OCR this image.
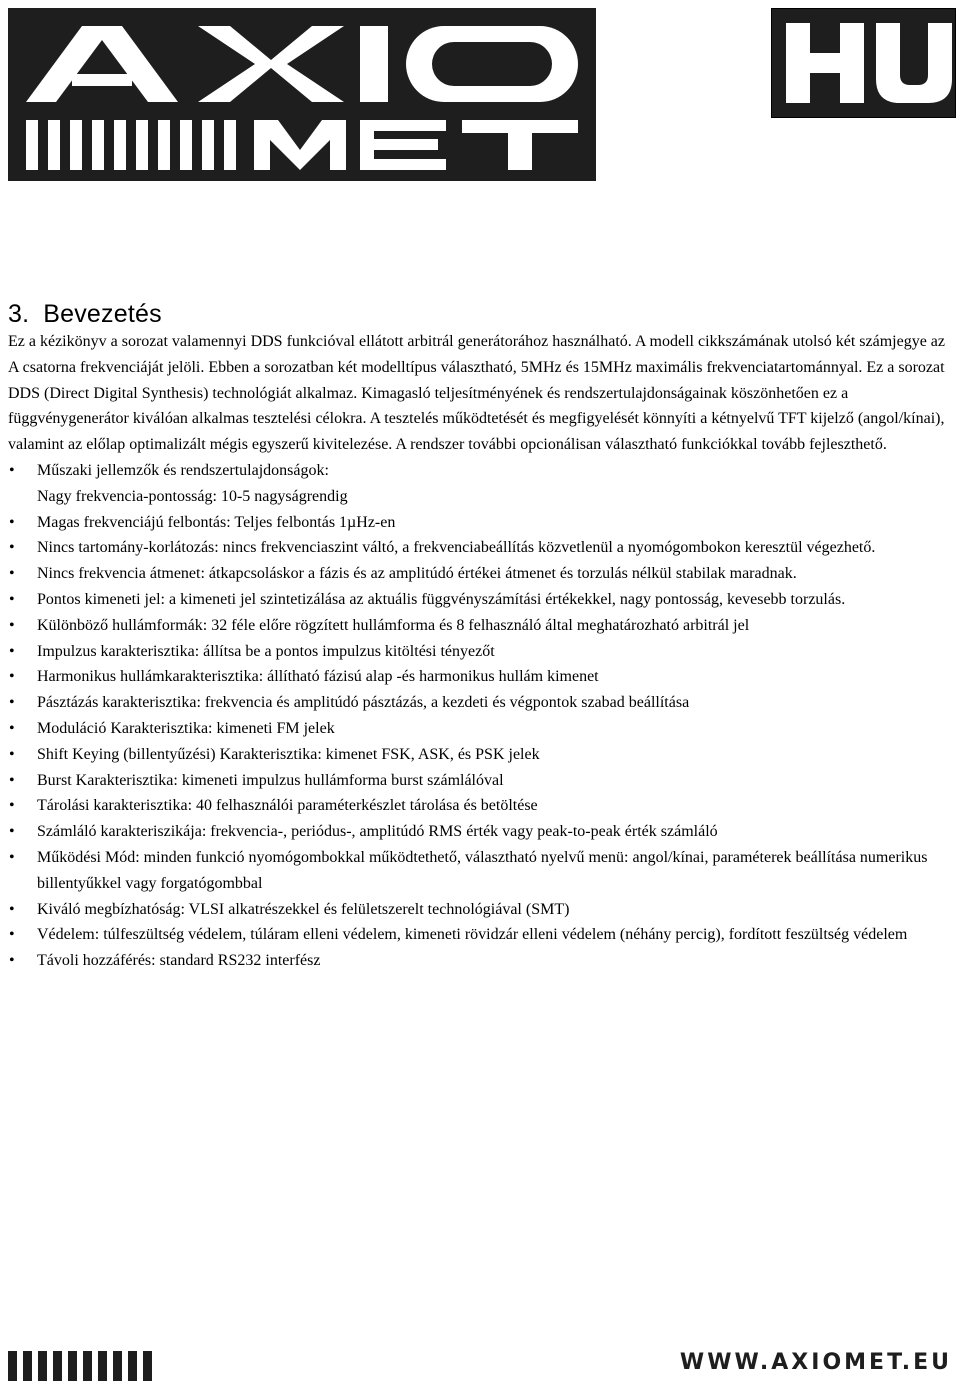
3. Bevezetés

Ez a kézikönyv a sorozat valamennyi DDS funkcióval ellátott arbitrál generátorához használható. A modell cikkszámának utolsó két számjegye az A csatorna frekvenciáját jelöli. Ebben a sorozatban két modelltípus választható, 5MHz és 15MHz maximális frekvenciatartománnyal. Ez a sorozat DDS (Direct Digital Synthesis) technológiát alkalmaz. Kimagasló teljesítményének és rendszertulajdonságainak köszönhetően ez a függvénygenerátor kiválóan alkalmas tesztelési célokra. A tesztelés működtetését és megfigyelését könnyíti a kétnyelvű TFT kijelző (angol/kínai), valamint az előlap optimalizált mégis egyszerű kivitelezése. A rendszer további opcionálisan választható funkciókkal tovább fejleszthető.

• Műszaki jellemzők és rendszertulajdonságok:
Nagy frekvencia-pontosság: 10-5 nagyságrendig
• Magas frekvenciájú felbontás: Teljes felbontás 1µHz-en
• Nincs tartomány-korlátozás: nincs frekvenciaszint váltó, a frekvenciabeállítás közvetlenül a nyomógombokon keresztül végezhető.
• Nincs frekvencia átmenet: átkapcsoláskor a fázis és az amplitúdó értékei átmenet és torzulás nélkül stabilak maradnak.
• Pontos kimeneti jel: a kimeneti jel szintetizálása az aktuális függvényszámítási értékekkel, nagy pontosság, kevesebb torzulás.
• Különböző hullámformák: 32 féle előre rögzített hullámforma és 8 felhasználó által meghatározható arbitrál jel
• Impulzus karakterisztika: állítsa be a pontos impulzus kitöltési tényezőt
• Harmonikus hullámkarakterisztika: állítható fázisú alap -és harmonikus hullám kimenet
• Pásztázás karakterisztika: frekvencia és amplitúdó pásztázás, a kezdeti és végpontok szabad beállítása
• Moduláció Karakterisztika: kimeneti FM jelek
• Shift Keying (billentyűzési) Karakterisztika: kimenet FSK, ASK, és PSK jelek
• Burst Karakterisztika: kimeneti impulzus hullámforma burst számlálóval
• Tárolási karakterisztika: 40 felhasználói paraméterkészlet tárolása és betöltése
• Számláló karakteriszikája: frekvencia-, periódus-, amplitúdó RMS érték vagy peak-to-peak érték számláló
• Működési Mód: minden funkció nyomógombokkal működtethető, választható nyelvű menü: angol/kínai, paraméterek beállítása numerikus billentyűkkel vagy forgatógombbal
• Kiváló megbízhatóság: VLSI alkatrészekkel és felületszerelt technológiával (SMT)
• Védelem: túlfeszültség védelem, túláram elleni védelem, kimeneti rövidzár elleni védelem (néhány percig), fordított feszültség védelem
• Távoli hozzáférés: standard RS232 interfész
WWW.AXIOMET.EU
